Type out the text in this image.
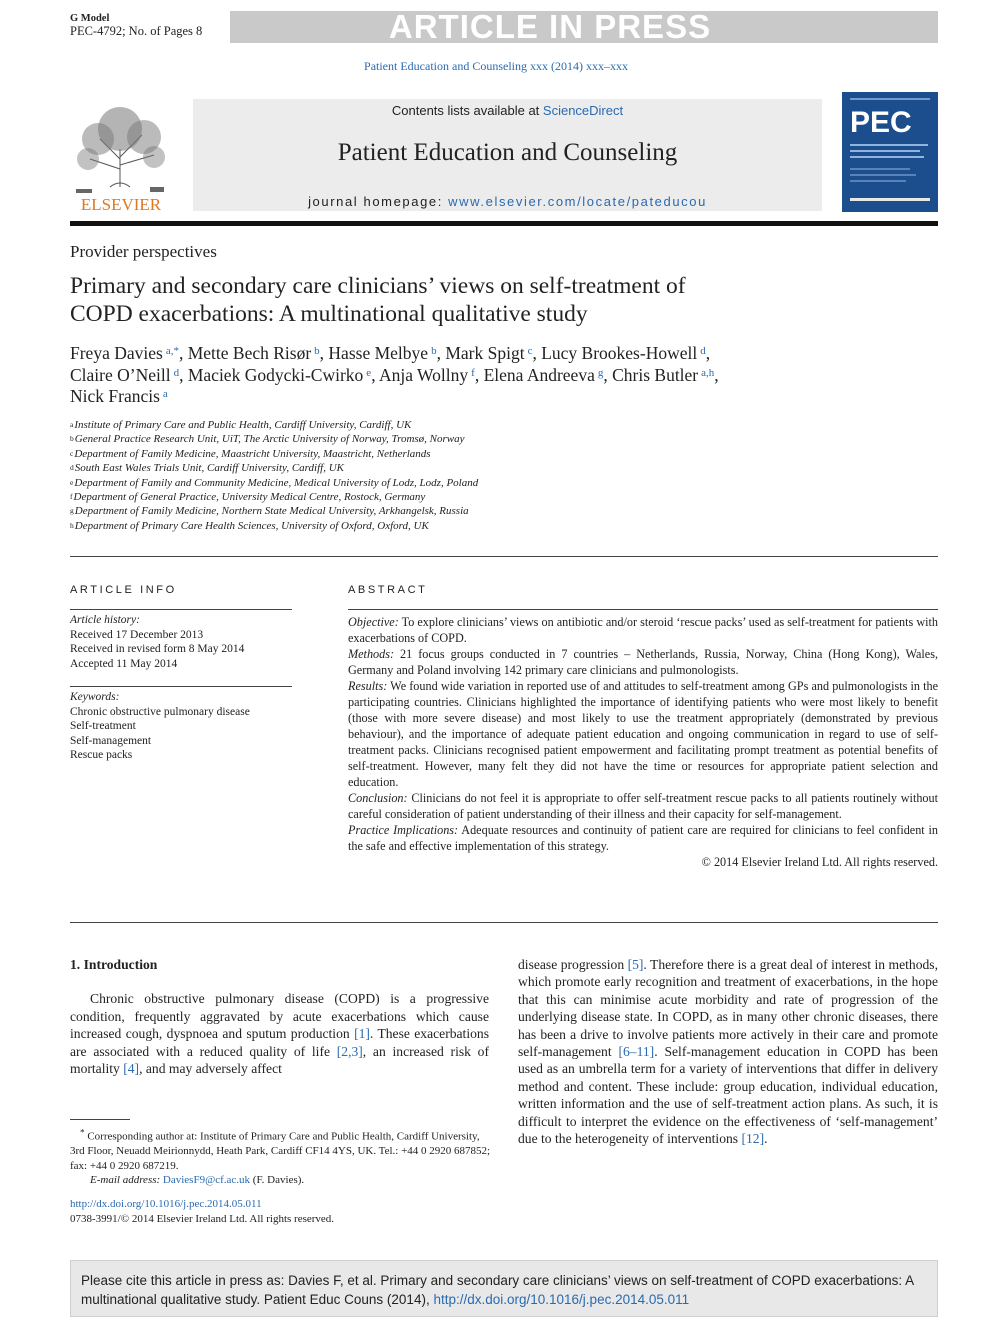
G Model
PEC-4792; No. of Pages 8	ARTICLE IN PRESS
Patient Education and Counseling xxx (2014) xxx–xxx
ELSEVIER
Contents lists available at ScienceDirect
Patient Education and Counseling
journal homepage: www.elsevier.com/locate/pateducou
PEC
Provider perspectives
Primary and secondary care clinicians’ views on self-treatment of
COPD exacerbations: A multinational qualitative study
Freya Davies $^{a,*}$, Mette Bech Risør $^b$, Hasse Melbye $^b$, Mark Spigt $^c$, Lucy Brookes-Howell $^d$,
Claire O’Neill $^d$, Maciek Godycki-Cwirko $^e$, Anja Wollny $^f$, Elena Andreeva $^g$, Chris Butler $^{a,h}$,
Nick Francis $^a$
$^a$Institute of Primary Care and Public Health, Cardiff University, Cardiff, UK
$^b$General Practice Research Unit, UiT, The Arctic University of Norway, Tromsø, Norway
$^c$Department of Family Medicine, Maastricht University, Maastricht, Netherlands
$^d$South East Wales Trials Unit, Cardiff University, Cardiff, UK
$^e$Department of Family and Community Medicine, Medical University of Lodz, Lodz, Poland
$^f$Department of General Practice, University Medical Centre, Rostock, Germany
$^g$Department of Family Medicine, Northern State Medical University, Arkhangelsk, Russia
$^h$Department of Primary Care Health Sciences, University of Oxford, Oxford, UK
ARTICLE INFO
Article history:
Received 17 December 2013
Received in revised form 8 May 2014
Accepted 11 May 2014
Keywords:
Chronic obstructive pulmonary disease
Self-treatment
Self-management
Rescue packs
ABSTRACT

Objective: To explore clinicians’ views on antibiotic and/or steroid ‘rescue packs’ used as self-treatment for patients with exacerbations of COPD.

Methods: 21 focus groups conducted in 7 countries – Netherlands, Russia, Norway, China (Hong Kong), Wales, Germany and Poland involving 142 primary care clinicians and pulmonologists.

Results: We found wide variation in reported use of and attitudes to self-treatment among GPs and pulmonologists in the participating countries. Clinicians highlighted the importance of identifying patients who were most likely to benefit (those with more severe disease) and most likely to use the treatment appropriately (demonstrated by previous behaviour), and the importance of adequate patient education and ongoing communication in regard to use of self-treatment packs. Clinicians recognised patient empowerment and facilitating prompt treatment as potential benefits of self-treatment. However, many felt they did not have the time or resources for appropriate patient selection and education.

Conclusion: Clinicians do not feel it is appropriate to offer self-treatment rescue packs to all patients routinely without careful consideration of patient understanding of their illness and their capacity for self-management.

Practice Implications: Adequate resources and continuity of patient care are required for clinicians to feel confident in the safe and effective implementation of this strategy.

© 2014 Elsevier Ireland Ltd. All rights reserved.

1. Introduction

Chronic obstructive pulmonary disease (COPD) is a progressive condition, frequently aggravated by acute exacerbations which cause increased cough, dyspnoea and sputum production [1]. These exacerbations are associated with a reduced quality of life [2,3], an increased risk of mortality [4], and may adversely affect

disease progression [5]. Therefore there is a great deal of interest in methods, which promote early recognition and treatment of exacerbations, in the hope that this can minimise acute morbidity and rate of progression of the underlying disease state. In COPD, as in many other chronic diseases, there has been a drive to involve patients more actively in their care and promote self-management [6–11]. Self-management education in COPD has been used as an umbrella term for a variety of interventions that differ in delivery method and content. These include: group education, individual education, written information and the use of self-treatment action plans. As such, it is difficult to interpret the evidence on the effectiveness of ‘self-management’ due to the heterogeneity of interventions [12].

* Corresponding author at: Institute of Primary Care and Public Health, Cardiff University, 3rd Floor, Neuadd Meirionnydd, Heath Park, Cardiff CF14 4YS, UK. Tel.: +44 0 2920 687852; fax: +44 0 2920 687219.
E-mail address: DaviesF9@cf.ac.uk (F. Davies).
http://dx.doi.org/10.1016/j.pec.2014.05.011
0738-3991/© 2014 Elsevier Ireland Ltd. All rights reserved.
Please cite this article in press as: Davies F, et al. Primary and secondary care clinicians’ views on self-treatment of COPD exacerbations: A multinational qualitative study. Patient Educ Couns (2014), http://dx.doi.org/10.1016/j.pec.2014.05.011
